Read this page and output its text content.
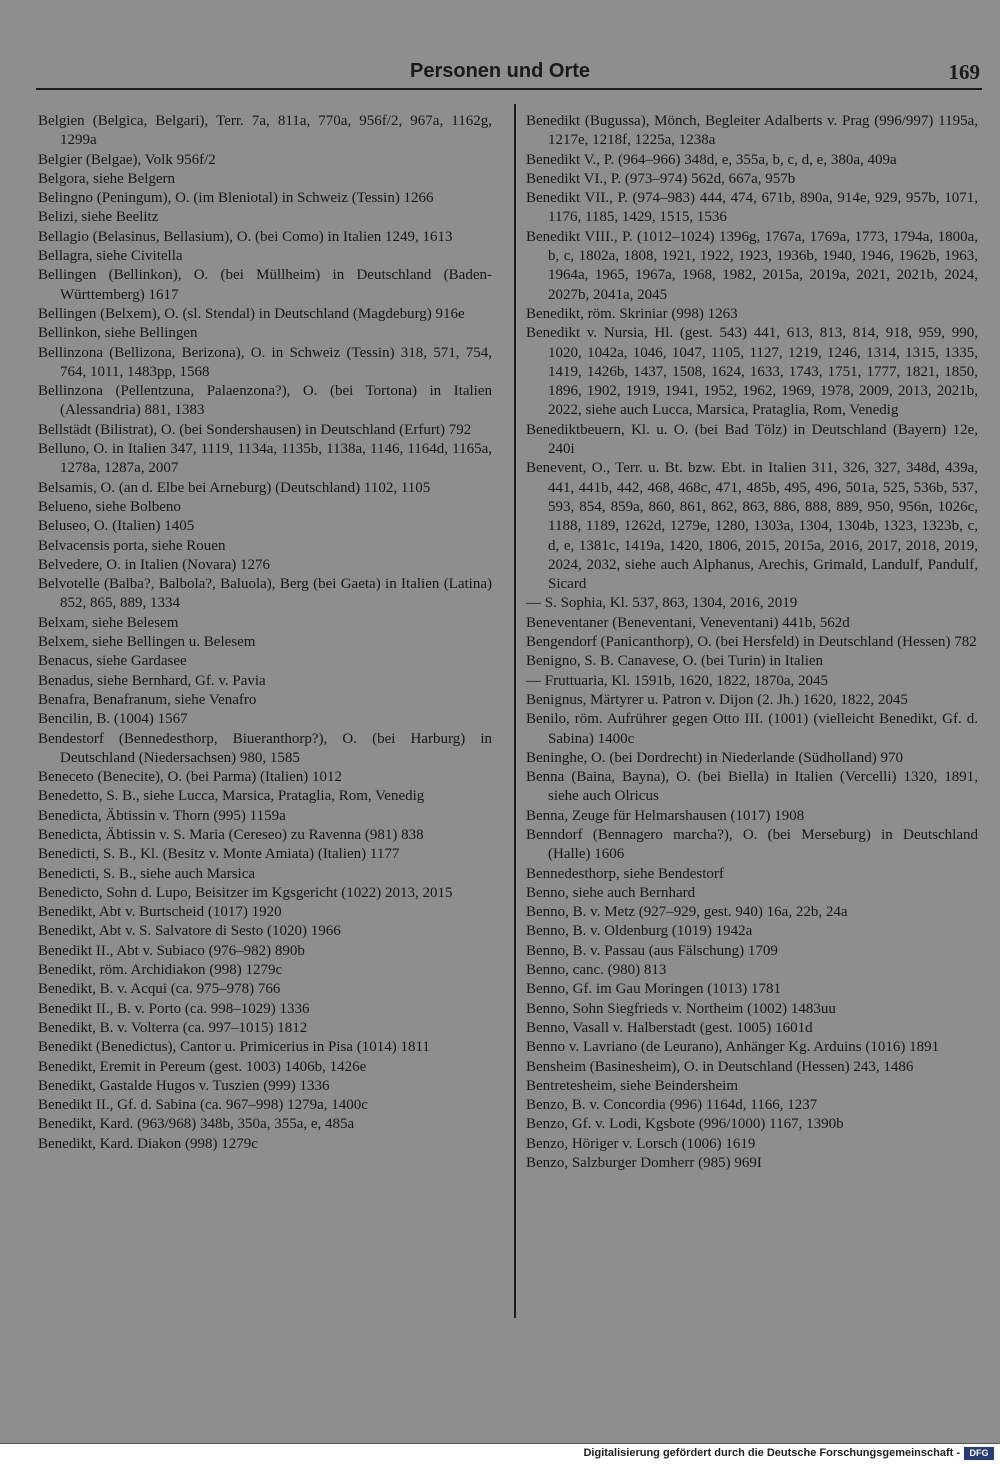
Personen und Orte	169
Belgien (Belgica, Belgari), Terr. 7a, 811a, 770a, 956f/2, 967a, 1162g, 1299a
Belgier (Belgae), Volk 956f/2
Belgora, siehe Belgern
Belingno (Peningum), O. (im Bleniotal) in Schweiz (Tessin) 1266
Belizi, siehe Beelitz
Bellagio (Belasinus, Bellasium), O. (bei Como) in Italien 1249, 1613
Bellagra, siehe Civitella
Bellingen (Bellinkon), O. (bei Müllheim) in Deutschland (Baden-Württemberg) 1617
Bellingen (Belxem), O. (sl. Stendal) in Deutschland (Magdeburg) 916e
Bellinkon, siehe Bellingen
Bellinzona (Bellizona, Berizona), O. in Schweiz (Tessin) 318, 571, 754, 764, 1011, 1483pp, 1568
Bellinzona (Pellentzuna, Palaenzona?), O. (bei Tortona) in Italien (Alessandria) 881, 1383
Bellstädt (Bilistrat), O. (bei Sondershausen) in Deutschland (Erfurt) 792
Belluno, O. in Italien 347, 1119, 1134a, 1135b, 1138a, 1146, 1164d, 1165a, 1278a, 1287a, 2007
Belsamis, O. (an d. Elbe bei Arneburg) (Deutschland) 1102, 1105
Belueno, siehe Bolbeno
Beluseo, O. (Italien) 1405
Belvacensis porta, siehe Rouen
Belvedere, O. in Italien (Novara) 1276
Belvotelle (Balba?, Balbola?, Baluola), Berg (bei Gaeta) in Italien (Latina) 852, 865, 889, 1334
Belxam, siehe Belesem
Belxem, siehe Bellingen u. Belesem
Benacus, siehe Gardasee
Benadus, siehe Bernhard, Gf. v. Pavia
Benafra, Benafranum, siehe Venafro
Bencilin, B. (1004) 1567
Bendestorf (Bennedesthorp, Biueranthorp?), O. (bei Harburg) in Deutschland (Niedersachsen) 980, 1585
Beneceto (Benecite), O. (bei Parma) (Italien) 1012
Benedetto, S. B., siehe Lucca, Marsica, Prataglia, Rom, Venedig
Benedicta, Äbtissin v. Thorn (995) 1159a
Benedicta, Äbtissin v. S. Maria (Cereseo) zu Ravenna (981) 838
Benedicti, S. B., Kl. (Besitz v. Monte Amiata) (Italien) 1177
Benedicti, S. B., siehe auch Marsica
Benedicto, Sohn d. Lupo, Beisitzer im Kgsgericht (1022) 2013, 2015
Benedikt, Abt v. Burtscheid (1017) 1920
Benedikt, Abt v. S. Salvatore di Sesto (1020) 1966
Benedikt II., Abt v. Subiaco (976–982) 890b
Benedikt, röm. Archidiakon (998) 1279c
Benedikt, B. v. Acqui (ca. 975–978) 766
Benedikt II., B. v. Porto (ca. 998–1029) 1336
Benedikt, B. v. Volterra (ca. 997–1015) 1812
Benedikt (Benedictus), Cantor u. Primicerius in Pisa (1014) 1811
Benedikt, Eremit in Pereum (gest. 1003) 1406b, 1426e
Benedikt, Gastalde Hugos v. Tuszien (999) 1336
Benedikt II., Gf. d. Sabina (ca. 967–998) 1279a, 1400c
Benedikt, Kard. (963/968) 348b, 350a, 355a, e, 485a
Benedikt, Kard. Diakon (998) 1279c
Benedikt (Bugussa), Mönch, Begleiter Adalberts v. Prag (996/997) 1195a, 1217e, 1218f, 1225a, 1238a
Benedikt V., P. (964–966) 348d, e, 355a, b, c, d, e, 380a, 409a
Benedikt VI., P. (973–974) 562d, 667a, 957b
Benedikt VII., P. (974–983) 444, 474, 671b, 890a, 914e, 929, 957b, 1071, 1176, 1185, 1429, 1515, 1536
Benedikt VIII., P. (1012–1024) 1396g, 1767a, 1769a, 1773, 1794a, 1800a, b, c, 1802a, 1808, 1921, 1922, 1923, 1936b, 1940, 1946, 1962b, 1963, 1964a, 1965, 1967a, 1968, 1982, 2015a, 2019a, 2021, 2021b, 2024, 2027b, 2041a, 2045
Benedikt, röm. Skriniar (998) 1263
Benedikt v. Nursia, Hl. (gest. 543) 441, 613, 813, 814, 918, 959, 990, 1020, 1042a, 1046, 1047, 1105, 1127, 1219, 1246, 1314, 1315, 1335, 1419, 1426b, 1437, 1508, 1624, 1633, 1743, 1751, 1777, 1821, 1850, 1896, 1902, 1919, 1941, 1952, 1962, 1969, 1978, 2009, 2013, 2021b, 2022, siehe auch Lucca, Marsica, Prataglia, Rom, Venedig
Benediktbeuern, Kl. u. O. (bei Bad Tölz) in Deutschland (Bayern) 12e, 240i
Benevent, O., Terr. u. Bt. bzw. Ebt. in Italien 311, 326, 327, 348d, 439a, 441, 441b, 442, 468, 468c, 471, 485b, 495, 496, 501a, 525, 536b, 537, 593, 854, 859a, 860, 861, 862, 863, 886, 888, 889, 950, 956n, 1026c, 1188, 1189, 1262d, 1279e, 1280, 1303a, 1304, 1304b, 1323, 1323b, c, d, e, 1381c, 1419a, 1420, 1806, 2015, 2015a, 2016, 2017, 2018, 2019, 2024, 2032, siehe auch Alphanus, Arechis, Grimald, Landulf, Pandulf, Sicard
— S. Sophia, Kl. 537, 863, 1304, 2016, 2019
Beneventaner (Beneventani, Veneventani) 441b, 562d
Bengendorf (Panicanthorp), O. (bei Hersfeld) in Deutschland (Hessen) 782
Benigno, S. B. Canavese, O. (bei Turin) in Italien
— Fruttuaria, Kl. 1591b, 1620, 1822, 1870a, 2045
Benignus, Märtyrer u. Patron v. Dijon (2. Jh.) 1620, 1822, 2045
Benilo, röm. Aufrührer gegen Otto III. (1001) (vielleicht Benedikt, Gf. d. Sabina) 1400c
Beninghe, O. (bei Dordrecht) in Niederlande (Südholland) 970
Benna (Baina, Bayna), O. (bei Biella) in Italien (Vercelli) 1320, 1891, siehe auch Olricus
Benna, Zeuge für Helmarshausen (1017) 1908
Benndorf (Bennagero marcha?), O. (bei Merseburg) in Deutschland (Halle) 1606
Bennedesthorp, siehe Bendestorf
Benno, siehe auch Bernhard
Benno, B. v. Metz (927–929, gest. 940) 16a, 22b, 24a
Benno, B. v. Oldenburg (1019) 1942a
Benno, B. v. Passau (aus Fälschung) 1709
Benno, canc. (980) 813
Benno, Gf. im Gau Moringen (1013) 1781
Benno, Sohn Siegfrieds v. Northeim (1002) 1483uu
Benno, Vasall v. Halberstadt (gest. 1005) 1601d
Benno v. Lavriano (de Leurano), Anhänger Kg. Arduins (1016) 1891
Bensheim (Basinesheim), O. in Deutschland (Hessen) 243, 1486
Bentretesheim, siehe Beindersheim
Benzo, B. v. Concordia (996) 1164d, 1166, 1237
Benzo, Gf. v. Lodi, Kgsbote (996/1000) 1167, 1390b
Benzo, Höriger v. Lorsch (1006) 1619
Benzo, Salzburger Domherr (985) 969I
Digitalisierung gefördert durch die Deutsche Forschungsgemeinschaft -	DFG
